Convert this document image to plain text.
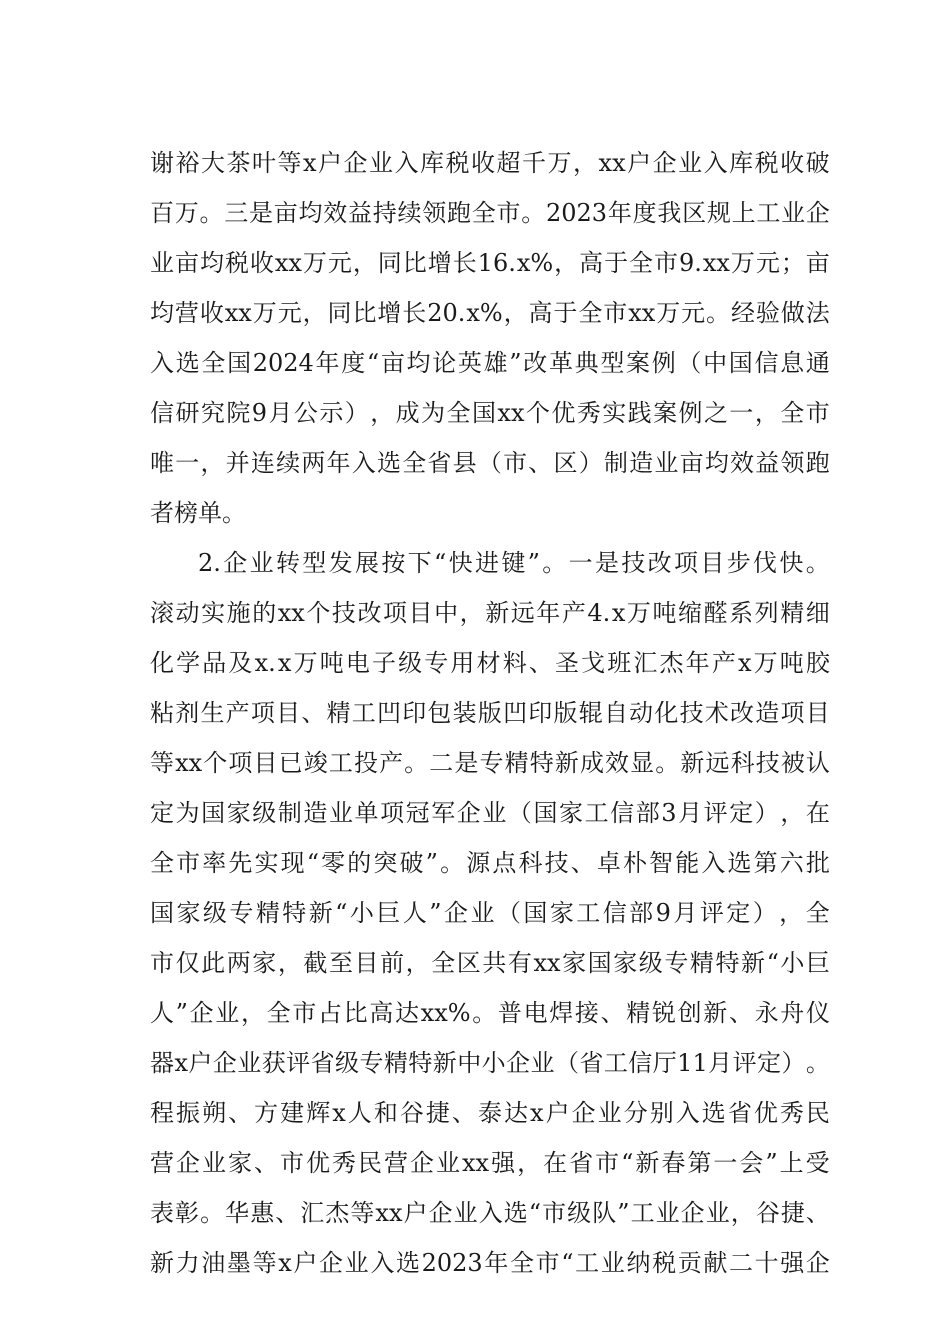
谢 裕 大 茶 叶 等 x 户 企 业 入 库 税 收 超 千 万 ， xx 户 企 业 入 库 税 收 破
百 万 。 三 是 亩 均 效 益 持 续 领 跑 全 市 。 2023 年 度 我 区 规 上 工 业 企
业 亩 均 税 收 xx 万 元 ， 同 比 增 长 16. x% ， 高 于 全 市 9. xx 万 元 ； 亩
均 营 收 xx 万 元 ， 同 比 增 长 20. x% ， 高 于 全 市 xx 万 元 。 经 验 做 法
入 选 全 国 2024 年 度 “ 亩 均 论 英 雄 ” 改 革 典 型 案 例 （ 中 国 信 息 通
信 研 究 院 9 月 公 示 ） ， 成 为 全 国 xx 个 优 秀 实 践 案 例 之 一 ， 全 市
唯 一 ， 并 连 续 两 年 入 选 全 省 县 （ 市 、 区 ） 制 造 业 亩 均 效 益 领 跑
者榜单。
2. 企 业 转 型 发 展 按 下 “ 快 进 键 ” 。 一 是 技 改 项 目 步 伐 快 。
滚 动 实 施 的 xx 个 技 改 项 目 中 ， 新 远 年 产 4. x 万 吨 缩 醛 系 列 精 细
化 学 品 及 x. x 万 吨 电 子 级 专 用 材 料 、 圣 戈 班 汇 杰 年 产 x 万 吨 胶
粘 剂 生 产 项 目 、 精 工 凹 印 包 装 版 凹 印 版 辊 自 动 化 技 术 改 造 项 目
等 xx 个 项 目 已 竣 工 投 产 。 二 是 专 精 特 新 成 效 显 。 新 远 科 技 被 认
定 为 国 家 级 制 造 业 单 项 冠 军 企 业 （ 国 家 工 信 部 3 月 评 定 ） ， 在
全 市 率 先 实 现 “ 零 的 突 破 ” 。 源 点 科 技 、 卓 朴 智 能 入 选 第 六 批
国 家 级 专 精 特 新 “ 小 巨 人 ” 企 业 （ 国 家 工 信 部 9 月 评 定 ） ， 全
市 仅 此 两 家 ， 截 至 目 前 ， 全 区 共 有 xx 家 国 家 级 专 精 特 新 “ 小 巨
人 ” 企 业 ， 全 市 占 比 高 达 xx% 。 普 电 焊 接 、 精 锐 创 新 、 永 舟 仪
器 x 户 企 业 获 评 省 级 专 精 特 新 中 小 企 业 （ 省 工 信 厅 11 月 评 定 ） 。
程 振 朔 、 方 建 辉 x 人 和 谷 捷 、 泰 达 x 户 企 业 分 别 入 选 省 优 秀 民
营 企 业 家 、 市 优 秀 民 营 企 业 xx 强 ， 在 省 市 “ 新 春 第 一 会 ” 上 受
表 彰 。 华 惠 、 汇 杰 等 xx 户 企 业 入 选 “ 市 级 队 ” 工 业 企 业 ， 谷 捷 、
新 力 油 墨 等 x 户 企 业 入 选 2023 年 全 市 “ 工 业 纳 税 贡 献 二 十 强 企
